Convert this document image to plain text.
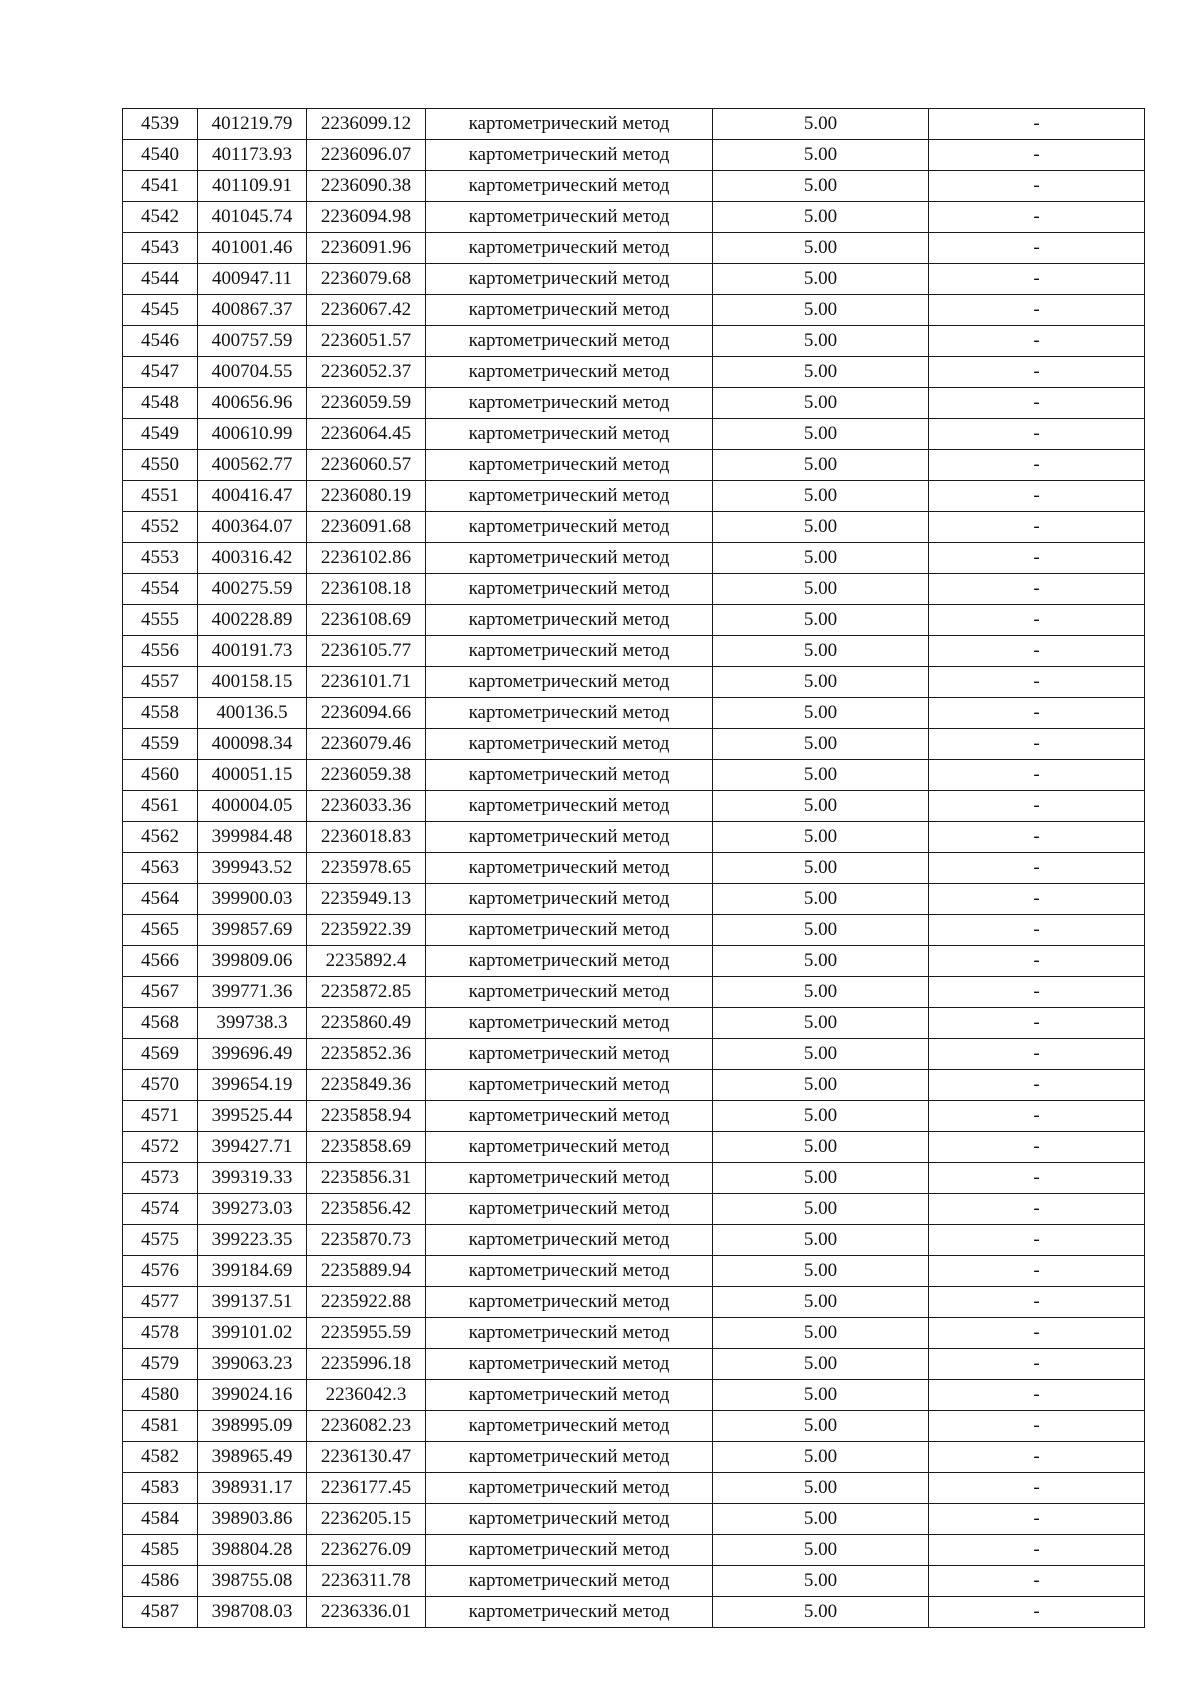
4539	401219.79	2236099.12	картометрический метод	5.00	-
4540	401173.93	2236096.07	картометрический метод	5.00	-
4541	401109.91	2236090.38	картометрический метод	5.00	-
4542	401045.74	2236094.98	картометрический метод	5.00	-
4543	401001.46	2236091.96	картометрический метод	5.00	-
4544	400947.11	2236079.68	картометрический метод	5.00	-
4545	400867.37	2236067.42	картометрический метод	5.00	-
4546	400757.59	2236051.57	картометрический метод	5.00	-
4547	400704.55	2236052.37	картометрический метод	5.00	-
4548	400656.96	2236059.59	картометрический метод	5.00	-
4549	400610.99	2236064.45	картометрический метод	5.00	-
4550	400562.77	2236060.57	картометрический метод	5.00	-
4551	400416.47	2236080.19	картометрический метод	5.00	-
4552	400364.07	2236091.68	картометрический метод	5.00	-
4553	400316.42	2236102.86	картометрический метод	5.00	-
4554	400275.59	2236108.18	картометрический метод	5.00	-
4555	400228.89	2236108.69	картометрический метод	5.00	-
4556	400191.73	2236105.77	картометрический метод	5.00	-
4557	400158.15	2236101.71	картометрический метод	5.00	-
4558	400136.5	2236094.66	картометрический метод	5.00	-
4559	400098.34	2236079.46	картометрический метод	5.00	-
4560	400051.15	2236059.38	картометрический метод	5.00	-
4561	400004.05	2236033.36	картометрический метод	5.00	-
4562	399984.48	2236018.83	картометрический метод	5.00	-
4563	399943.52	2235978.65	картометрический метод	5.00	-
4564	399900.03	2235949.13	картометрический метод	5.00	-
4565	399857.69	2235922.39	картометрический метод	5.00	-
4566	399809.06	2235892.4	картометрический метод	5.00	-
4567	399771.36	2235872.85	картометрический метод	5.00	-
4568	399738.3	2235860.49	картометрический метод	5.00	-
4569	399696.49	2235852.36	картометрический метод	5.00	-
4570	399654.19	2235849.36	картометрический метод	5.00	-
4571	399525.44	2235858.94	картометрический метод	5.00	-
4572	399427.71	2235858.69	картометрический метод	5.00	-
4573	399319.33	2235856.31	картометрический метод	5.00	-
4574	399273.03	2235856.42	картометрический метод	5.00	-
4575	399223.35	2235870.73	картометрический метод	5.00	-
4576	399184.69	2235889.94	картометрический метод	5.00	-
4577	399137.51	2235922.88	картометрический метод	5.00	-
4578	399101.02	2235955.59	картометрический метод	5.00	-
4579	399063.23	2235996.18	картометрический метод	5.00	-
4580	399024.16	2236042.3	картометрический метод	5.00	-
4581	398995.09	2236082.23	картометрический метод	5.00	-
4582	398965.49	2236130.47	картометрический метод	5.00	-
4583	398931.17	2236177.45	картометрический метод	5.00	-
4584	398903.86	2236205.15	картометрический метод	5.00	-
4585	398804.28	2236276.09	картометрический метод	5.00	-
4586	398755.08	2236311.78	картометрический метод	5.00	-
4587	398708.03	2236336.01	картометрический метод	5.00	-
